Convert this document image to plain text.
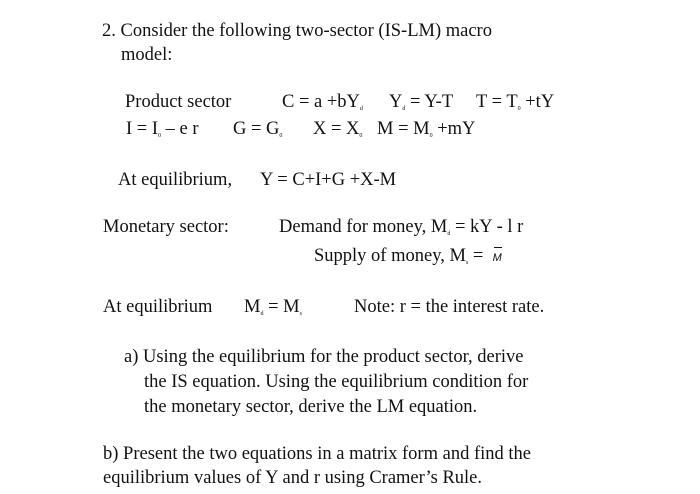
2. Consider the following two-sector (IS-LM) macro
model:
Product sector	$C = a +bY_d$ $Y_d = Y-T$ $T = T_0 +tY$
$I = I_0 - e$ r $G = G_0$ $X = X_0$ $M = M_0 +mY$
At equilibrium, Y = C+I+G +X-M
Monetary sector:	Demand for money, $M_d$ = kY - l r
Supply of money, $M_s = M$
At equilibrium $M_d = M_s$	Note: r = the interest rate.
a) Using the equilibrium for the product sector, derive
the IS equation. Using the equilibrium condition for
the monetary sector, derive the LM equation.
b) Present the two equations in a matrix form and find the
equilibrium values of Y and r using Cramer’s Rule.
